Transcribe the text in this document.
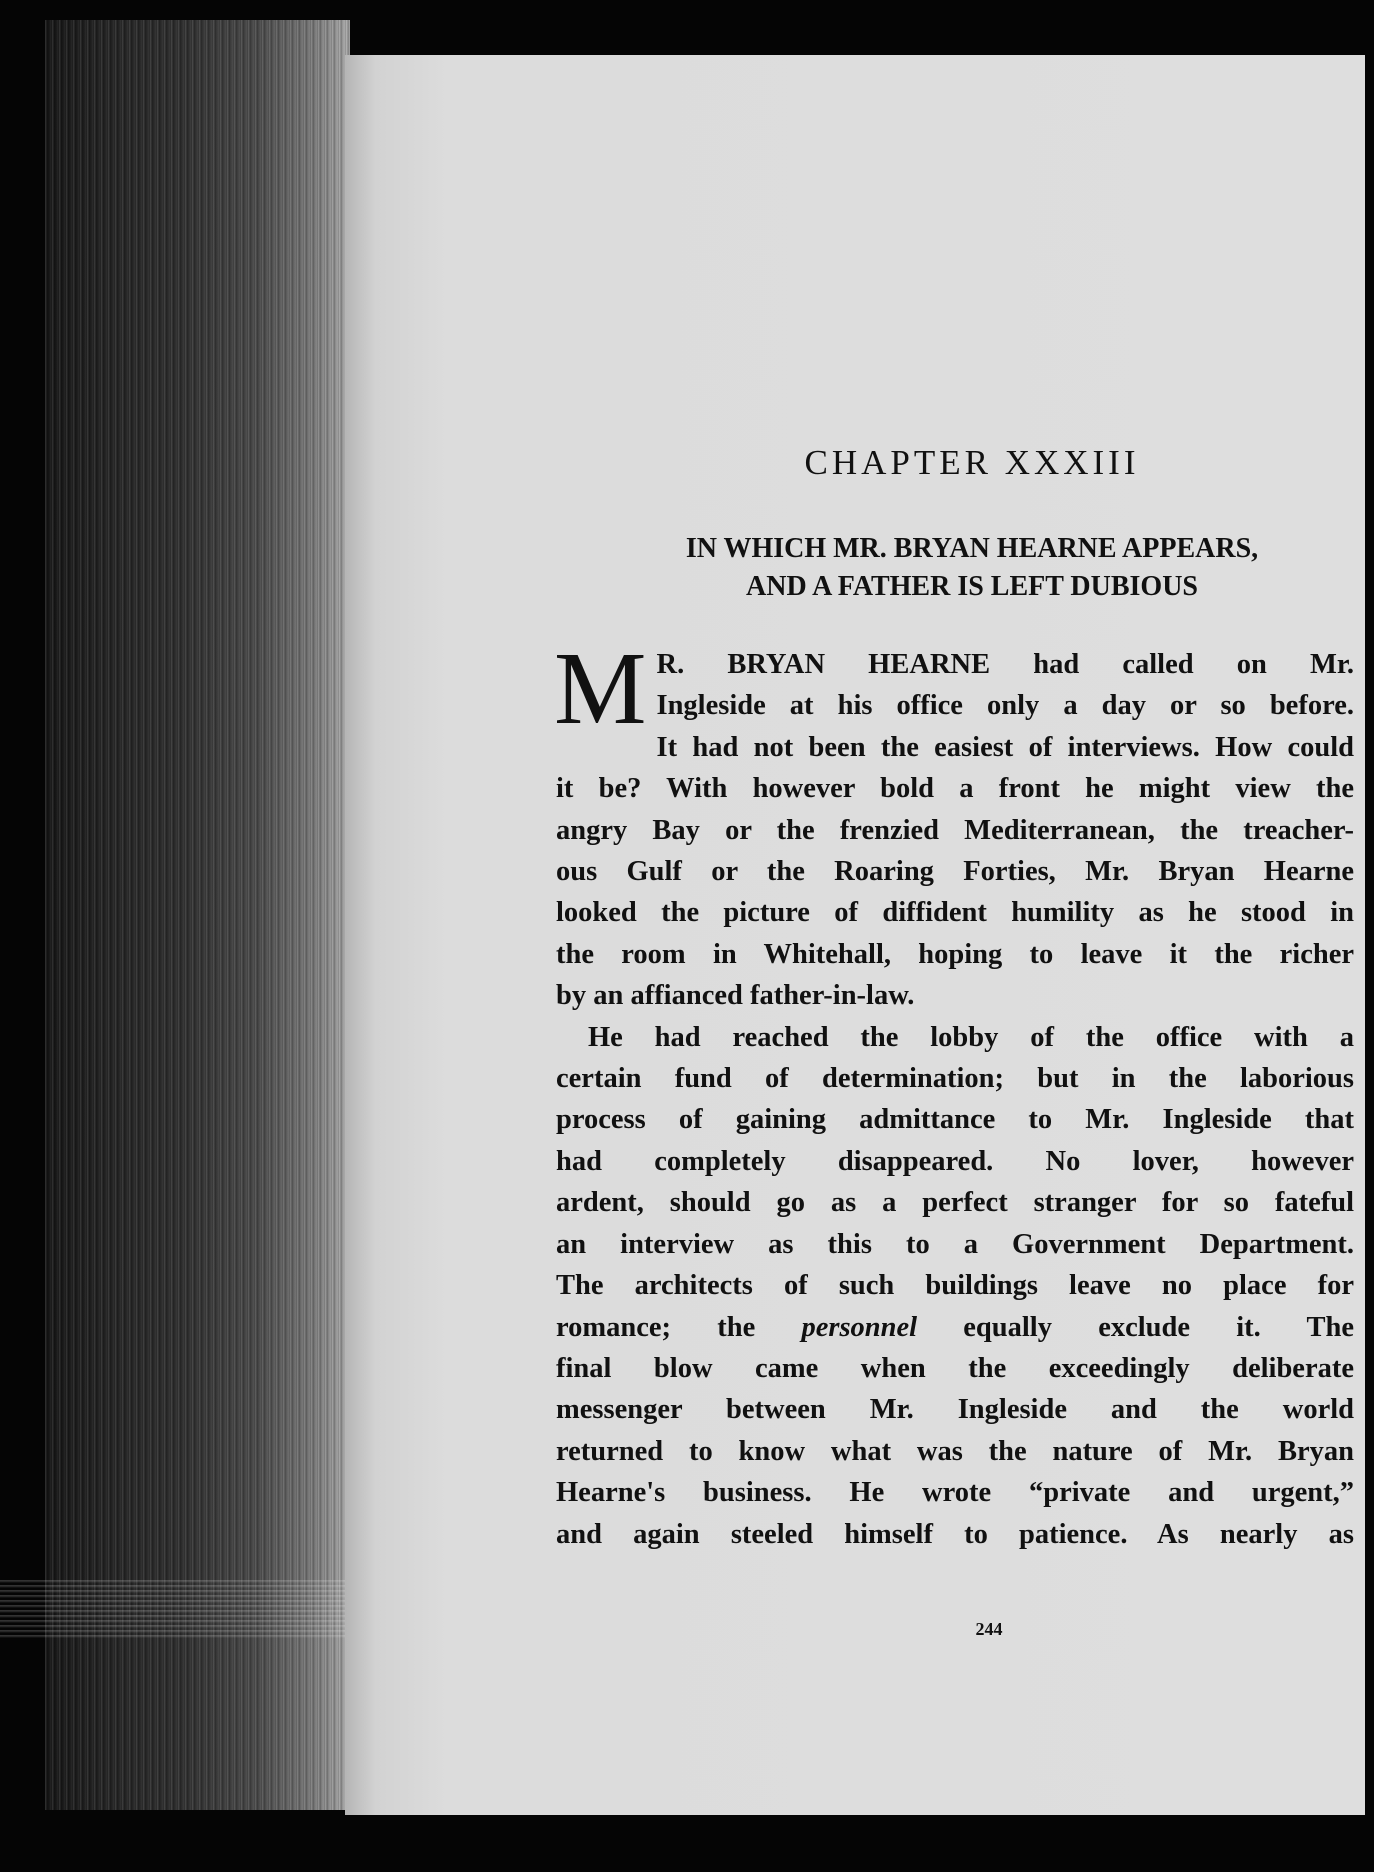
CHAPTER XXXIII
IN WHICH MR. BRYAN HEARNE APPEARS,
AND A FATHER IS LEFT DUBIOUS
M R. BRYAN HEARNE had called on Mr.
Ingleside at his office only a day or so before.
It had not been the easiest of interviews. How could
it be? With however bold a front he might view the
angry Bay or the frenzied Mediterranean, the treacher-
ous Gulf or the Roaring Forties, Mr. Bryan Hearne
looked the picture of diffident humility as he stood in
the room in Whitehall, hoping to leave it the richer
by an affianced father-in-law.
He had reached the lobby of the office with a
certain fund of determination; but in the laborious
process of gaining admittance to Mr. Ingleside that
had completely disappeared. No lover, however
ardent, should go as a perfect stranger for so fateful
an interview as this to a Government Department.
The architects of such buildings leave no place for
romance; the personnel equally exclude it. The
final blow came when the exceedingly deliberate
messenger between Mr. Ingleside and the world
returned to know what was the nature of Mr. Bryan
Hearne's business. He wrote “private and urgent,”
and again steeled himself to patience. As nearly as
244
